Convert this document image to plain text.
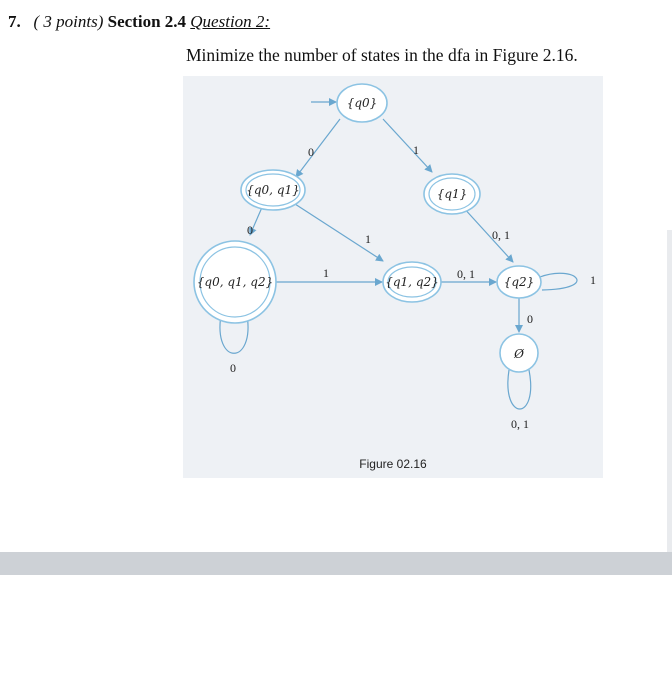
7. ( 3 points) Section 2.4 Question 2:
Minimize the number of states in the dfa in Figure 2.16.
{q0}
{q0, q1}	{q1}
{q0, q1, q2}	{q1, q2}	{q2}
Ø
0	1
0
1	0, 1
1
0
0, 1	1
0
0, 1
Figure 02.16
